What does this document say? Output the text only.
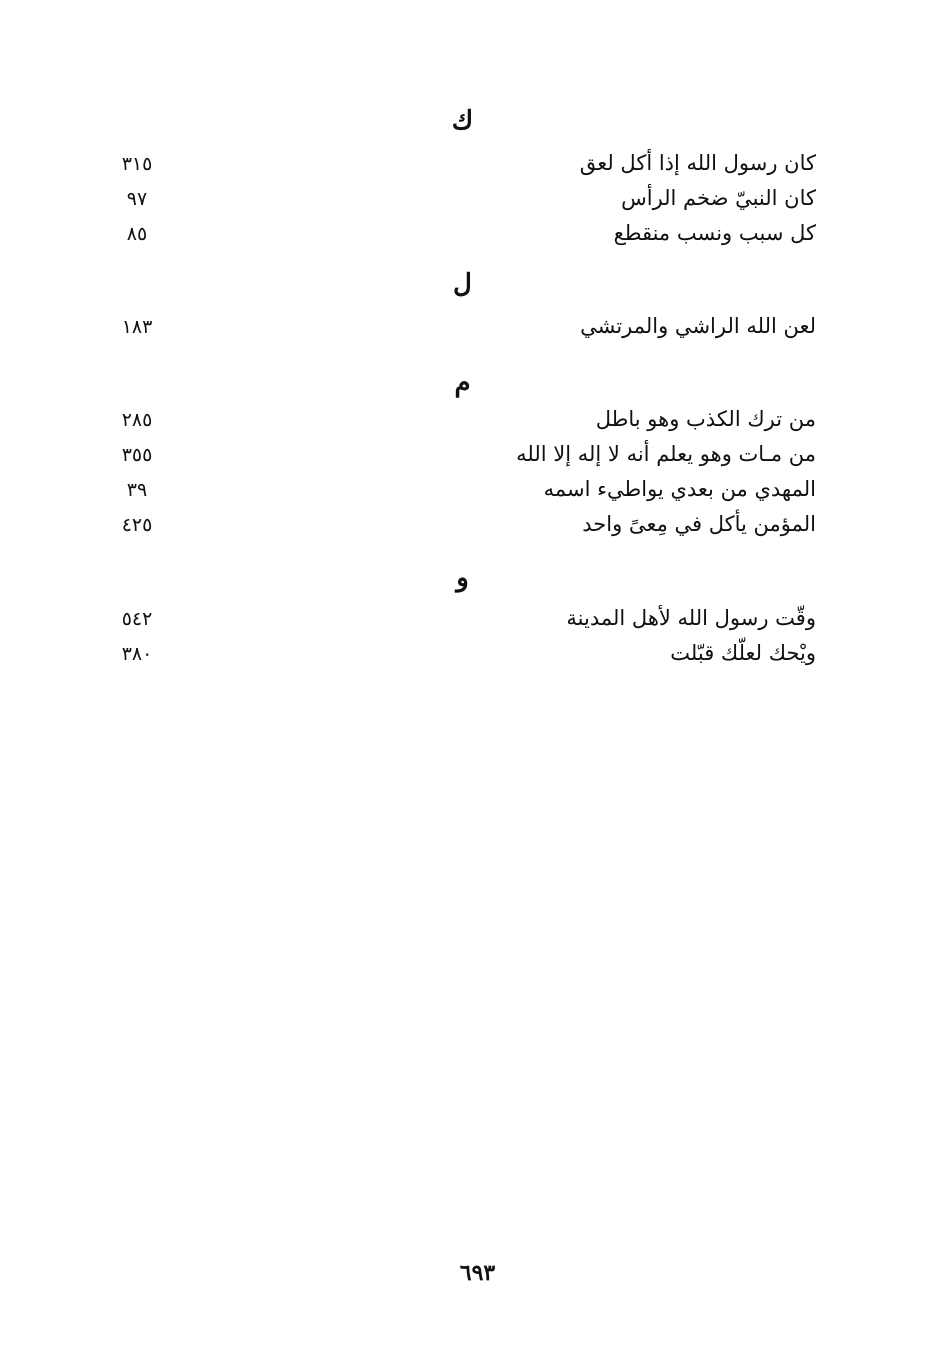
ك
كان رسول الله إذا أكل لعق
٣١٥
كان النبيّ ضخم الرأس
٩٧
كل سبب ونسب منقطع
٨٥
ل
لعن الله الراشي والمرتشي
١٨٣
م
من ترك الكذب وهو باطل
٢٨٥
من مـات وهو يعلم أنه لا إله إلا الله
٣٥٥
المهدي من بعدي يواطيء اسمه
٣٩
المؤمن يأكل في مِعىً واحد
٤٢٥
و
وقّت رسول الله لأهل المدينة
٥٤٢
ويْحك لعلّك قبّلت
٣٨٠
٦٩٣
